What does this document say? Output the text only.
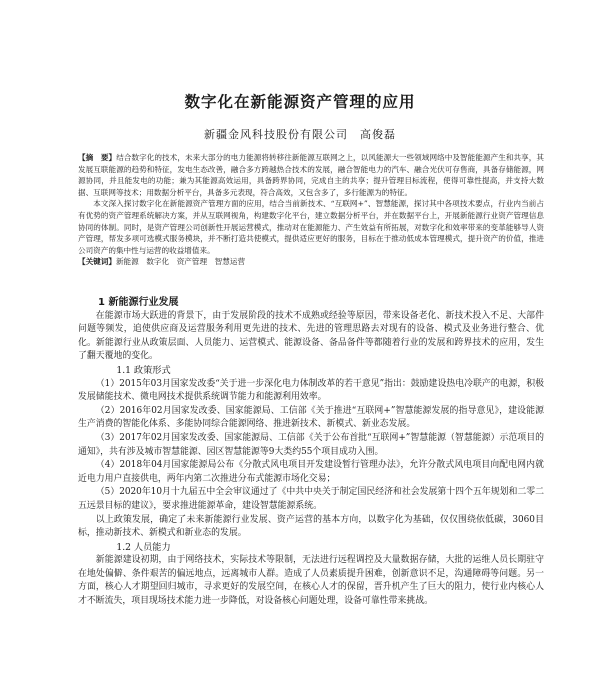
数字化在新能源资产管理的应用
新疆金风科技股份有限公司　高俊磊

【摘　要】结合数字化的技术，未来大部分的电力能源将转移往新能源互联网之上，以风能源大一些领域网络中及智能能源产生和共享，其发展互联能源的趋势和特征，发电生态改善，融合多方跨越热合技术的发展，融合智能电力的汽车、融合光伏可存售商，具备存储能源，网源协同，并且能发电的功能；兼为其能源高效运用，具备跨界协同，完成自主的共享；提升管理目标流程，使得可靠性提高，并支持大数据、互联网等技术；用数据分析平台，具备多元表现，符合高效，又包含多了，多行能源为的特征。

本文深入探讨数字化在新能源资产管理方面的应用，结合当前新技术、“互联网+”、智慧能源，探讨其中各项技术要点，行业内当前占有优势的资产管理系统解决方案，并从互联网视角，构建数字化平台，建立数据分析平台，并在数据平台上，开展新能源行业资产管理信息协同的体制。同时，是资产管理公司创新性开展运营模式，推动对在能源能力、产生效益有所拓展，对数字化和效率带来的变革能够导人资产管理，帮发多项可选模式服务模块，并不断打造共使模式，提供适应更好的服务，目标在于推动低成本管理模式，提升资产的价值，推进公司资产的集中性与运营的收益增值来。

【关键词】新能源　数字化　资产管理　智慧运营

1 新能源行业发展

在能源市场大跃进的背景下，由于发展阶段的技术不成熟或经验等原因，带来设备老化、新技术投入不足、大部件问题等频发，追使供应商及运营服务利用更先进的技术、先进的管理思路去对现有的设备、模式及业务进行整合、优化。新能源行业从政策层面、人员能力、运营模式、能源设备、备品备件等都随着行业的发展和跨界技术的应用，发生了翻天覆地的变化。

1.1 政策形式

（1）2015年03月国家发改委“关于进一步深化电力体制改革的若干意见”指出：鼓励建设热电冷联产的电源，积极发展储能技术、微电网技术提供系统调节能力和能源利用效率。

（2）2016年02月国家发改委、国家能源局、工信部《关于推进“互联网+”智慧能源发展的指导意见》，建设能源生产消费的智能化体系、多能协同综合能源网络、推进新技术、新模式、新业态发展。

（3）2017年02月国家发改委、国家能源局、工信部《关于公布首批“互联网+”智慧能源（智慧能源）示范项目的通知》，共有涉及城市智慧能源、园区智慧能源等9大类约55个项目成功入围。

（4）2018年04月国家能源局公布《分散式风电项目开发建设暂行管理办法》，允许分散式风电项目向配电网内就近电力用户直接供电，两年内第二次推进分布式能源市场化交易；

（5）2020年10月十九届五中全会审议通过了《中共中央关于制定国民经济和社会发展第十四个五年规划和二零二五远景目标的建议》，要求推进能源革命，建设智慧能源系统。

以上政策发展，确定了未来新能源行业发展、资产运营的基本方向，以数字化为基础，仅仅围绕依低碳，3060目标，推动新技术、新模式和新业态的发展。

1.2 人员能力

新能源建设初期，由于网络技术，实际技术等限制，无法进行远程调控及大量数据存储，大批的运维人员长期驻守在地处偏僻、条件艰苦的偏远地点，远离城市人群。造成了人员素质提升困难，创新意识不足，沟通障碍等问题。另一方面，核心人才期望回归城市，寻求更好的发展空间，在核心人才的保留，晋升机产生了巨大的阻力，使行业内核心人才不断流失，项目现场技术能力进一步降低，对设备核心问题处理，设备可靠性带来挑战。
